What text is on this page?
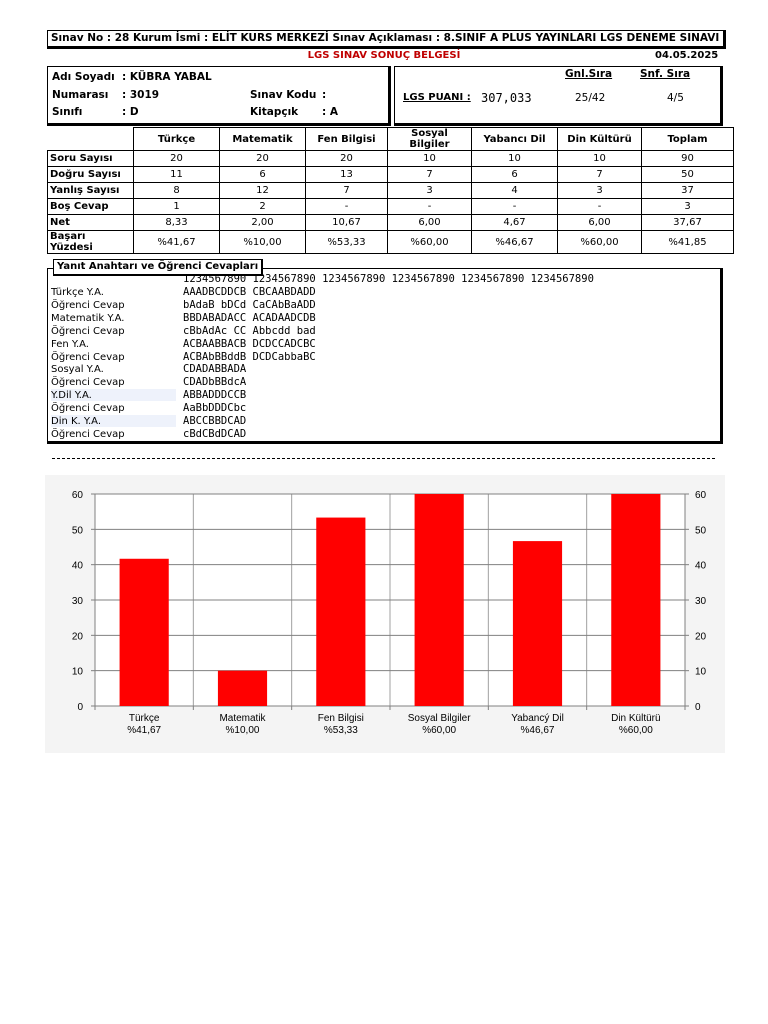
Sınav No : 28 Kurum İsmi : ELİT KURS MERKEZİ Sınav Açıklaması : 8.SINIF A PLUS YAYINLARI LGS DENEME SINAVI
LGS SINAV SONUÇ BELGESİ	04.05.2025
Adı Soyadı : KÜBRA YABAL
Numarası : 3019
Sınıfı	: D
Sınav Kodu :
Kitapçık : A
Gnl.Sıra	Snf. Sıra
LGS PUANI : 307,033	25/42	4/5
	Türkçe	Matematik	Fen Bilgisi	Sosyal Bilgiler	Yabancı Dil	Din Kültürü	Toplam
Soru Sayısı	20	20	20	10	10	10	90
Doğru Sayısı	11	6	13	7	6	7	50
Yanlış Sayısı	8	12	7	3	4	3	37
Boş Cevap	1	2	-	-	-	-	3
Net	8,33	2,00	10,67	6,00	4,67	6,00	37,67
Başarı Yüzdesi	%41,67	%10,00	%53,33	%60,00	%46,67	%60,00	%41,85
Yanıt Anahtarı ve Öğrenci Cevapları
1234567890 1234567890 1234567890 1234567890 1234567890 1234567890
Türkçe Y.A.	AAADBCDDCB CBCAABDADD
Öğrenci Cevap	bAdaB bDCd CaCAbBaADD
Matematik Y.A.	BBDABADACC ACADAADCDB
Öğrenci Cevap	cBbAdAc CC Abbcdd bad
Fen Y.A.	ACBAABBACB DCDCCADCBC
Öğrenci Cevap	ACBAbBBddB DCDCabbaBC
Sosyal Y.A.	CDADABBADA
Öğrenci Cevap	CDADbBBdcA
Y.Dil Y.A.	ABBADDDCCB
Öğrenci Cevap	AaBbDDDCbc
Din K. Y.A.	ABCCBBDCAD
Öğrenci Cevap	cBdCBdDCAD
0	0
10	10
20	20
30	30
40	40
50	50
60	60
Türkçe
%41,67
Matematik
%10,00
Fen Bilgisi
%53,33
Sosyal Bilgiler
%60,00
Yabancý Dil
%46,67
Din Kültürü
%60,00
